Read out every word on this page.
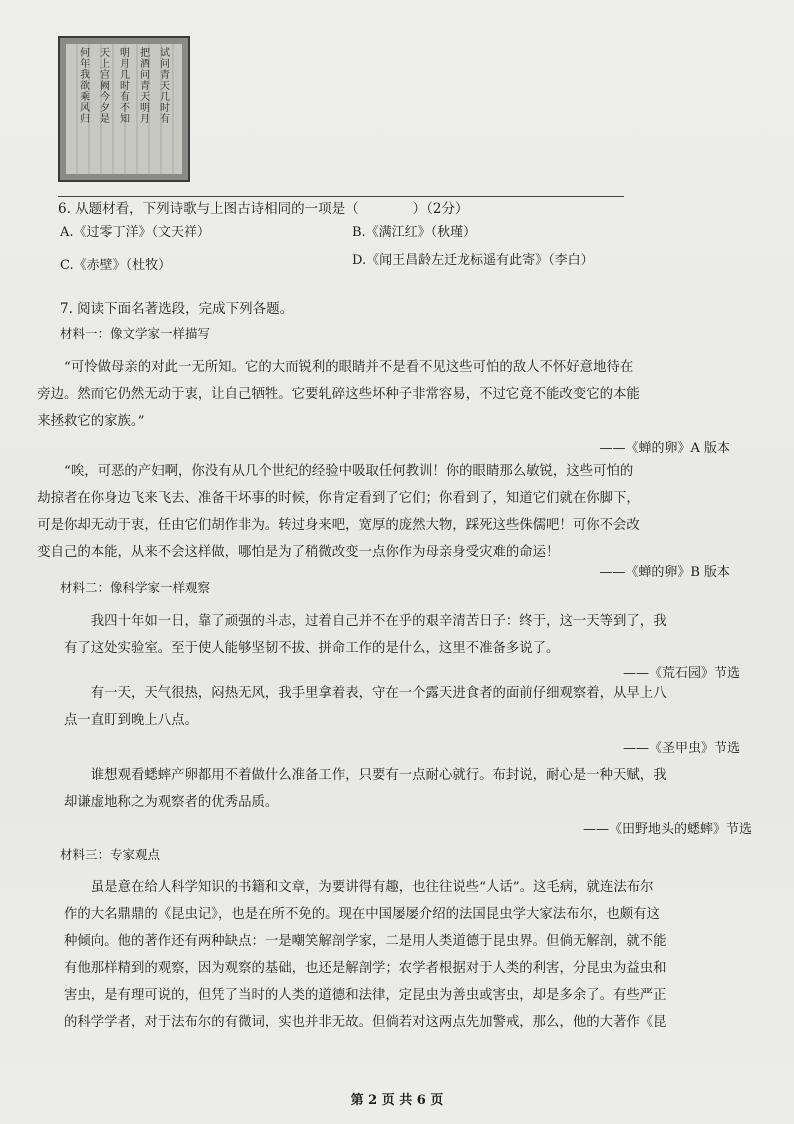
试问青天几时有
把酒问青天明月
明月几时有不知
天上宫阙今夕是
何年我欲乘风归
6. 从题材看，下列诗歌与上图古诗相同的一项是（　　　　）（2分）
A.《过零丁洋》（文天祥）	B.《满江红》（秋瑾）
C.《赤壁》（杜牧）	D.《闻王昌龄左迁龙标遥有此寄》（李白）
7. 阅读下面名著选段，完成下列各题。
材料一：像文学家一样描写
“可怜做母亲的对此一无所知。它的大而锐利的眼睛并不是看不见这些可怕的敌人不怀好意地待在
旁边。然而它仍然无动于衷，让自己牺牲。它要轧碎这些坏种子非常容易，不过它竟不能改变它的本能
来拯救它的家族。”
——《蝉的卵》A 版本
“唉，可恶的产妇啊，你没有从几个世纪的经验中吸取任何教训！你的眼睛那么敏锐，这些可怕的
劫掠者在你身边飞来飞去、准备干坏事的时候，你肯定看到了它们；你看到了，知道它们就在你脚下，
可是你却无动于衷，任由它们胡作非为。转过身来吧，宽厚的庞然大物，踩死这些侏儒吧！可你不会改
变自己的本能，从来不会这样做，哪怕是为了稍微改变一点你作为母亲身受灾难的命运！
——《蝉的卵》B 版本
材料二：像科学家一样观察
我四十年如一日，靠了顽强的斗志，过着自己并不在乎的艰辛清苦日子：终于，这一天等到了，我
有了这处实验室。至于使人能够坚韧不拔、拼命工作的是什么，这里不准备多说了。
——《荒石园》节选
有一天，天气很热，闷热无风，我手里拿着表，守在一个露天进食者的面前仔细观察着，从早上八
点一直盯到晚上八点。
——《圣甲虫》节选
谁想观看蟋蟀产卵都用不着做什么准备工作，只要有一点耐心就行。布封说，耐心是一种天赋，我
却谦虚地称之为观察者的优秀品质。
——《田野地头的蟋蟀》节选
材料三：专家观点
虽是意在给人科学知识的书籍和文章，为要讲得有趣，也往往说些“人话”。这毛病，就连法布尔
作的大名鼎鼎的《昆虫记》，也是在所不免的。现在中国屡屡介绍的法国昆虫学大家法布尔，也颇有这
种倾向。他的著作还有两种缺点：一是嘲笑解剖学家，二是用人类道德于昆虫界。但倘无解剖，就不能
有他那样精到的观察，因为观察的基础，也还是解剖学；农学者根据对于人类的利害，分昆虫为益虫和
害虫，是有理可说的，但凭了当时的人类的道德和法律，定昆虫为善虫或害虫，却是多余了。有些严正
的科学学者，对于法布尔的有微词，实也并非无故。但倘若对这两点先加警戒，那么，他的大著作《昆
第 2 页 共 6 页
